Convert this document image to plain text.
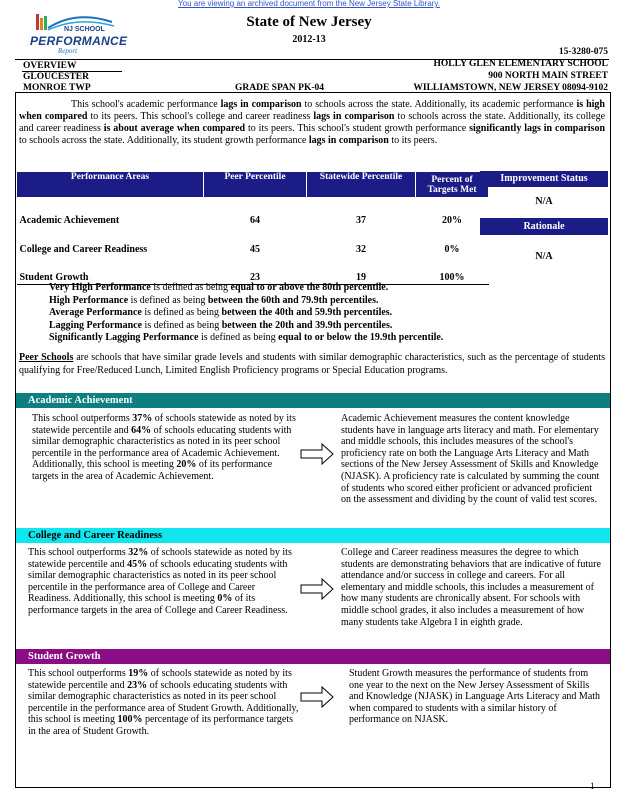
You are viewing an archived document from the New Jersey State Library.
NJ SCHOOL
PERFORMANCE
Report
State of New Jersey
2012-13
15-3280-075
OVERVIEW
GLOUCESTER
MONROE TWP	GRADE SPAN PK-04
HOLLY GLEN ELEMENTARY SCHOOL
900 NORTH MAIN STREET
WILLIAMSTOWN, NEW JERSEY 08094-9102
This school's academic performance lags in comparison to schools across the state. Additionally, its academic performance is high when compared to its peers. This school's college and career readiness lags in comparison to schools across the state. Additionally, its college and career readiness is about average when compared to its peers. This school's student growth performance significantly lags in comparison to schools across the state. Additionally, its student growth performance lags in comparison to its peers.
Performance Areas	Peer Percentile	Statewide Percentile	Percent of Targets Met
Academic Achievement	64	37	20%
College and Career Readiness	45	32	0%
Student Growth	23	19	100%
Improvement Status
N/A
Rationale
N/A
Very High Performance is defined as being equal to or above the 80th percentile.
High Performance is defined as being between the 60th and 79.9th percentiles.
Average Performance is defined as being between the 40th and 59.9th percentiles.
Lagging Performance is defined as being between the 20th and 39.9th percentiles.
Significantly Lagging Performance is defined as being equal to or below the 19.9th percentile.
Peer Schools are schools that have similar grade levels and students with similar demographic characteristics, such as the percentage of students qualifying for Free/Reduced Lunch, Limited English Proficiency programs or Special Education programs.
Academic Achievement
This school outperforms 37% of schools statewide as noted by its statewide percentile and 64% of schools educating students with similar demographic characteristics as noted in its peer school percentile in the performance area of Academic Achievement. Additionally, this school is meeting 20% of its performance targets in the area of Academic Achievement.
Academic Achievement measures the content knowledge students have in language arts literacy and math. For elementary and middle schools, this includes measures of the school's proficiency rate on both the Language Arts Literacy and Math sections of the New Jersey Assessment of Skills and Knowledge (NJASK). A proficiency rate is calculated by summing the count of students who scored either proficient or advanced proficient on the assessment and dividing by the count of valid test scores.
College and Career Readiness
This school outperforms 32% of schools statewide as noted by its statewide percentile and 45% of schools educating students with similar demographic characteristics as noted in its peer school percentile in the performance area of College and Career Readiness. Additionally, this school is meeting 0% of its performance targets in the area of College and Career Readiness.
College and Career readiness measures the degree to which students are demonstrating behaviors that are indicative of future attendance and/or success in college and careers. For all elementary and middle schools, this includes a measurement of how many students are chronically absent. For schools with middle school grades, it also includes a measurement of how many students take Algebra I in eighth grade.
Student Growth
This school outperforms 19% of schools statewide as noted by its statewide percentile and 23% of schools educating students with similar demographic characteristics as noted in its peer school percentile in the performance area of Student Growth. Additionally, this school is meeting 100% percentage of its performance targets in the area of Student Growth.
Student Growth measures the performance of students from one year to the next on the New Jersey Assessment of Skills and Knowledge (NJASK) in Language Arts Literacy and Math when compared to students with a similar history of performance on NJASK.
1
